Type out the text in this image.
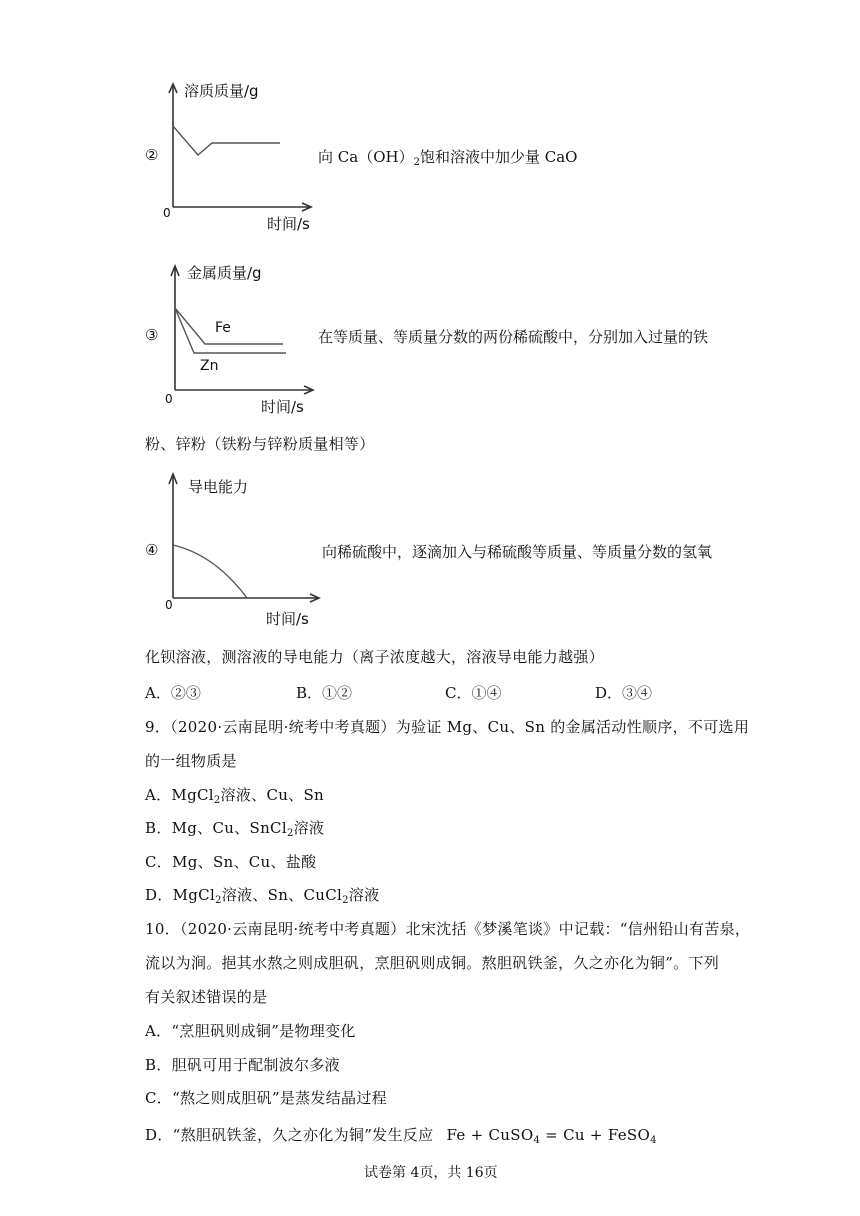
②
溶质质量/g
0
时间/s
向 $Ca(OH)_2$饱和溶液中加少量 CaO
③
金属质量/g
Fe
Zn
0	时间/s
在等质量、等质量分数的两份稀硫酸中，分别加入过量的铁
粉、锌粉（铁粉与锌粉质量相等）
④
导电能力
0
时间/s
向稀硫酸中，逐滴加入与稀硫酸等质量、等质量分数的氢氧
化钡溶液，测溶液的导电能力（离子浓度越大，溶液导电能力越强）
A．②③	B．①②	C．①④	D．③④
9．（2020·云南昆明·统考中考真题）为验证 Mg、Cu、Sn 的金属活动性顺序，不可选用
的一组物质是
A．MgCl$_2$溶液、Cu、Sn
B．Mg、Cu、SnCl$_2$溶液
C．Mg、Sn、Cu、盐酸
D．MgCl$_2$溶液、Sn、CuCl$_2$溶液
10．（2020·云南昆明·统考中考真题）北宋沈括《梦溪笔谈》中记载：“信州铅山有苦泉，
流以为涧。挹其水熬之则成胆矾，烹胆矾则成铜。熬胆矾铁釜，久之亦化为铜”。下列
有关叙述错误的是
A．“烹胆矾则成铜”是物理变化
B．胆矾可用于配制波尔多液
C．“熬之则成胆矾”是蒸发结晶过程
D．“熬胆矾铁釜，久之亦化为铜”发生反应 Fe + CuSO$_4$ = Cu + FeSO$_4$
试卷第 4页，共 16页
